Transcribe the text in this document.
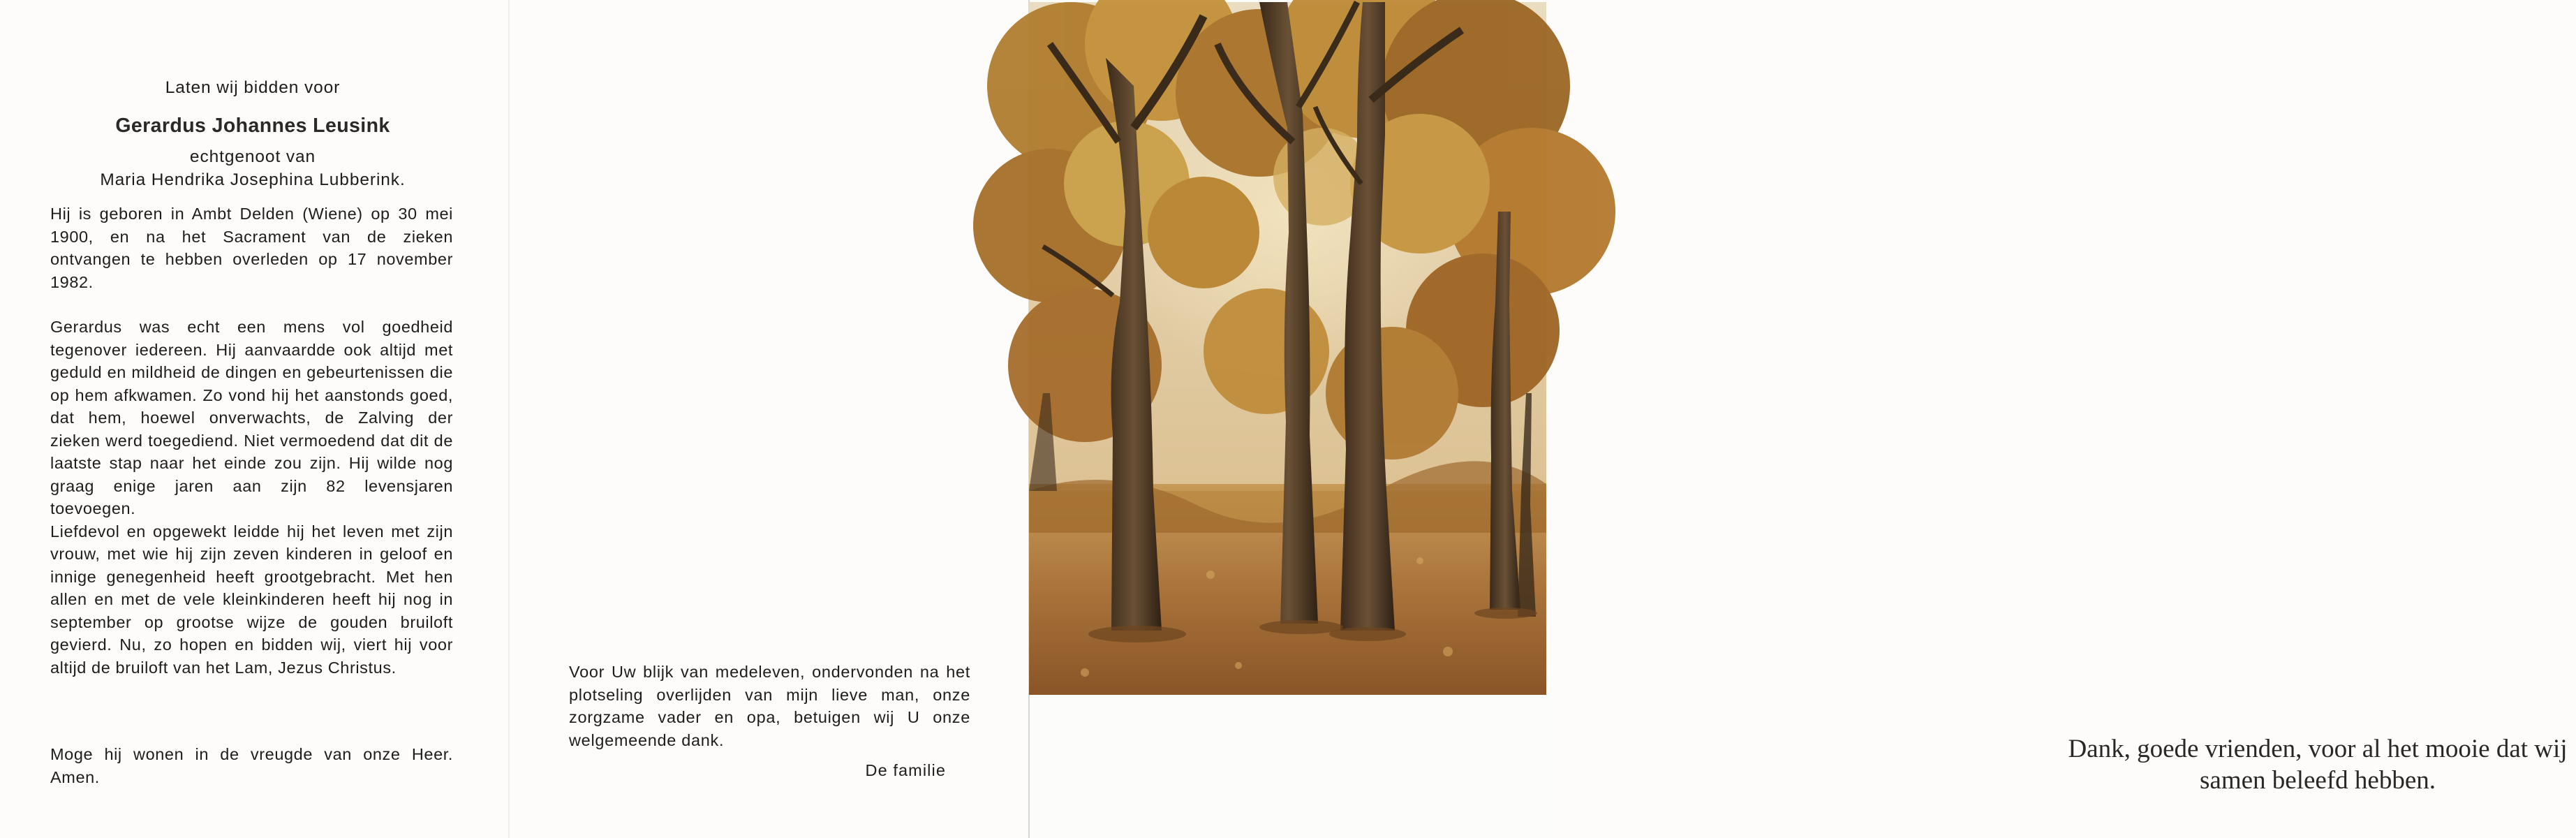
Laten wij bidden voor
Gerardus Johannes Leusink
echtgenoot van
Maria Hendrika Josephina Lubberink.

Hij is geboren in Ambt Delden (Wiene) op 30 mei 1900, en na het Sacrament van de zieken ontvangen te hebben overleden op 17 november 1982.

Gerardus was echt een mens vol goedheid tegenover iedereen. Hij aanvaardde ook altijd met geduld en mildheid de dingen en gebeurtenissen die op hem afkwamen. Zo vond hij het aanstonds goed, dat hem, hoewel onverwachts, de Zalving der zieken werd toegediend. Niet vermoedend dat dit de laatste stap naar het einde zou zijn. Hij wilde nog graag enige jaren aan zijn 82 levensjaren toevoegen.
Liefdevol en opgewekt leidde hij het leven met zijn vrouw, met wie hij zijn zeven kinderen in geloof en innige genegenheid heeft grootgebracht. Met hen allen en met de vele kleinkinderen heeft hij nog in september op grootse wijze de gouden bruiloft gevierd. Nu, zo hopen en bidden wij, viert hij voor altijd de bruiloft van het Lam, Jezus Christus.

Moge hij wonen in de vreugde van onze Heer. Amen.

Voor Uw blijk van medeleven, ondervonden na het plotseling overlijden van mijn lieve man, onze zorgzame vader en opa, betuigen wij U onze welgemeende dank.

De familie

Dank, goede vrienden, voor al het mooie dat wij samen beleefd hebben.
